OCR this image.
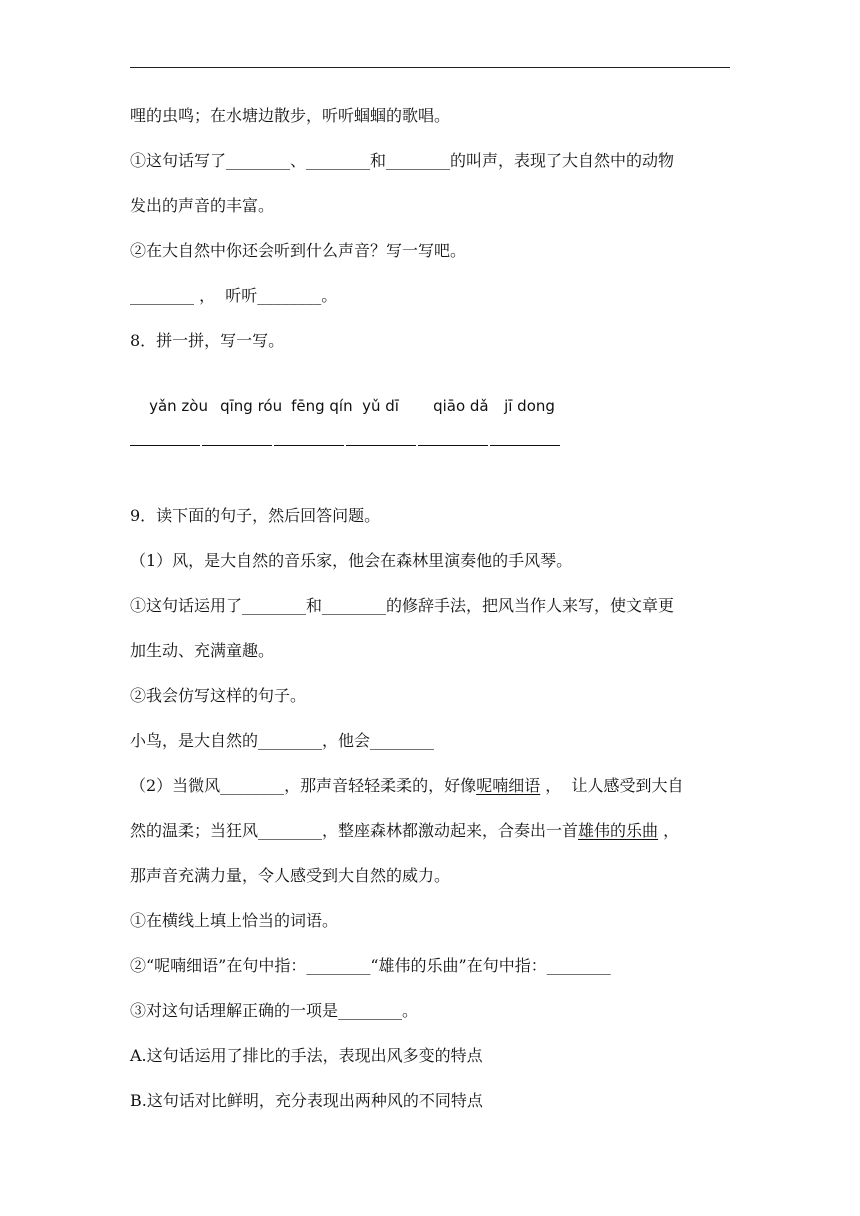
哩的虫鸣；在水塘边散步，听听蝈蝈的歌唱。
①这句话写了________、________和________的叫声，表现了大自然中的动物
发出的声音的丰富。
②在大自然中你还会听到什么声音？写一写吧。
________ ，  听听________。
8．拼一拼，写一写。

yǎn zòu qīng róu fēng qín yǔ dī qiāo dǎ jī dong

9．读下面的句子，然后回答问题。
（1）风，是大自然的音乐家，他会在森林里演奏他的手风琴。
①这句话运用了________和________的修辞手法，把风当作人来写，使文章更
加生动、充满童趣。
②我会仿写这样的句子。
小鸟，是大自然的________，他会________
（2）当微风________，那声音轻轻柔柔的，好像呢喃细语 ，  让人感受到大自
然的温柔；当狂风________，整座森林都激动起来，合奏出一首雄伟的乐曲 ，
那声音充满力量，令人感受到大自然的威力。
①在横线上填上恰当的词语。
②“呢喃细语”在句中指：________“雄伟的乐曲”在句中指：________
③对这句话理解正确的一项是________。
A.这句话运用了排比的手法，表现出风多变的特点
B.这句话对比鲜明，充分表现出两种风的不同特点
